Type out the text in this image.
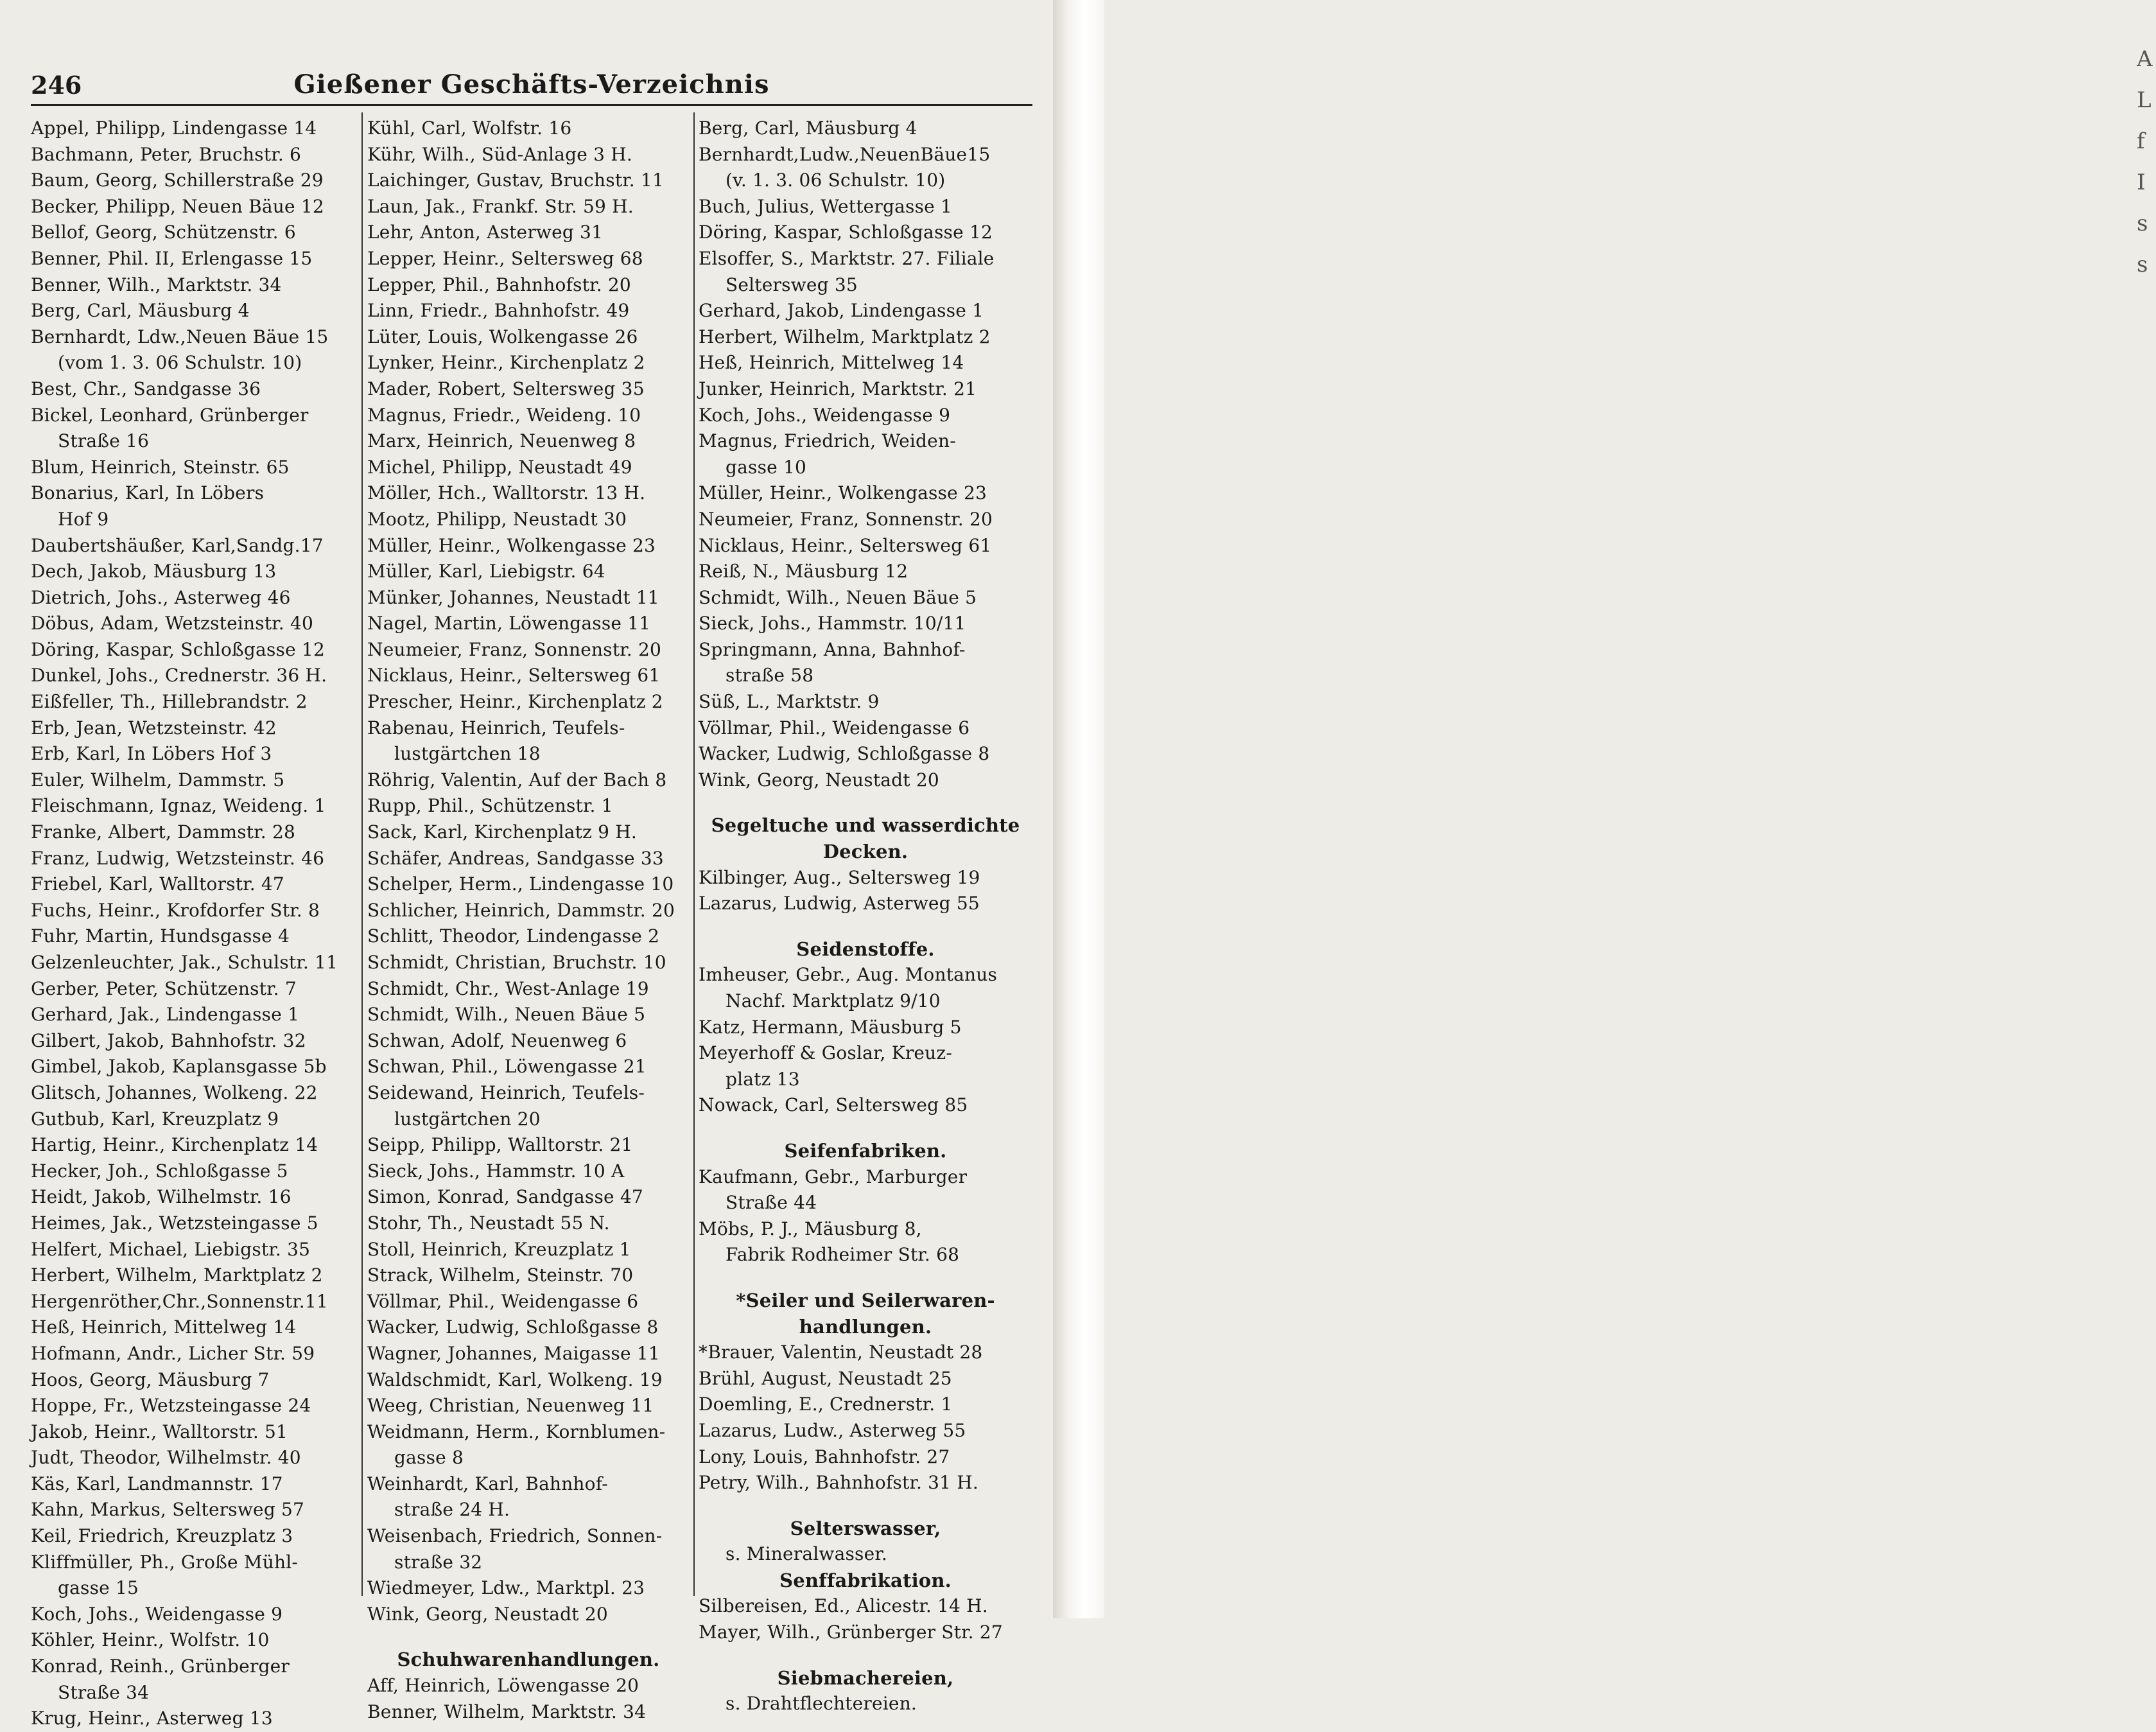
A
L
f
I
s
s
Gießener Geschäfts-Verzeichnis
246
Appel, Philipp, Lindengasse 14
Bachmann, Peter, Bruchstr. 6
Baum, Georg, Schillerstraße 29
Becker, Philipp, Neuen Bäue 12
Bellof, Georg, Schützenstr. 6
Benner, Phil. II, Erlengasse 15
Benner, Wilh., Marktstr. 34
Berg, Carl, Mäusburg 4
Bernhardt, Ldw.,Neuen Bäue 15
(vom 1. 3. 06 Schulstr. 10)
Best, Chr., Sandgasse 36
Bickel, Leonhard, Grünberger
Straße 16
Blum, Heinrich, Steinstr. 65
Bonarius, Karl, In Löbers
Hof 9
Daubertshäußer, Karl,Sandg.17
Dech, Jakob, Mäusburg 13
Dietrich, Johs., Asterweg 46
Döbus, Adam, Wetzsteinstr. 40
Döring, Kaspar, Schloßgasse 12
Dunkel, Johs., Crednerstr. 36 H.
Eißfeller, Th., Hillebrandstr. 2
Erb, Jean, Wetzsteinstr. 42
Erb, Karl, In Löbers Hof 3
Euler, Wilhelm, Dammstr. 5
Fleischmann, Ignaz, Weideng. 1
Franke, Albert, Dammstr. 28
Franz, Ludwig, Wetzsteinstr. 46
Friebel, Karl, Walltorstr. 47
Fuchs, Heinr., Krofdorfer Str. 8
Fuhr, Martin, Hundsgasse 4
Gelzenleuchter, Jak., Schulstr. 11
Gerber, Peter, Schützenstr. 7
Gerhard, Jak., Lindengasse 1
Gilbert, Jakob, Bahnhofstr. 32
Gimbel, Jakob, Kaplansgasse 5b
Glitsch, Johannes, Wolkeng. 22
Gutbub, Karl, Kreuzplatz 9
Hartig, Heinr., Kirchenplatz 14
Hecker, Joh., Schloßgasse 5
Heidt, Jakob, Wilhelmstr. 16
Heimes, Jak., Wetzsteingasse 5
Helfert, Michael, Liebigstr. 35
Herbert, Wilhelm, Marktplatz 2
Hergenröther,Chr.,Sonnenstr.11
Heß, Heinrich, Mittelweg 14
Hofmann, Andr., Licher Str. 59
Hoos, Georg, Mäusburg 7
Hoppe, Fr., Wetzsteingasse 24
Jakob, Heinr., Walltorstr. 51
Judt, Theodor, Wilhelmstr. 40
Käs, Karl, Landmannstr. 17
Kahn, Markus, Seltersweg 57
Keil, Friedrich, Kreuzplatz 3
Kliffmüller, Ph., Große Mühl-
gasse 15
Koch, Johs., Weidengasse 9
Köhler, Heinr., Wolfstr. 10
Konrad, Reinh., Grünberger
Straße 34
Krug, Heinr., Asterweg 13
Kühl, Carl, Wolfstr. 16
Kühr, Wilh., Süd-Anlage 3 H.
Laichinger, Gustav, Bruchstr. 11
Laun, Jak., Frankf. Str. 59 H.
Lehr, Anton, Asterweg 31
Lepper, Heinr., Seltersweg 68
Lepper, Phil., Bahnhofstr. 20
Linn, Friedr., Bahnhofstr. 49
Lüter, Louis, Wolkengasse 26
Lynker, Heinr., Kirchenplatz 2
Mader, Robert, Seltersweg 35
Magnus, Friedr., Weideng. 10
Marx, Heinrich, Neuenweg 8
Michel, Philipp, Neustadt 49
Möller, Hch., Walltorstr. 13 H.
Mootz, Philipp, Neustadt 30
Müller, Heinr., Wolkengasse 23
Müller, Karl, Liebigstr. 64
Münker, Johannes, Neustadt 11
Nagel, Martin, Löwengasse 11
Neumeier, Franz, Sonnenstr. 20
Nicklaus, Heinr., Seltersweg 61
Prescher, Heinr., Kirchenplatz 2
Rabenau, Heinrich, Teufels-
lustgärtchen 18
Röhrig, Valentin, Auf der Bach 8
Rupp, Phil., Schützenstr. 1
Sack, Karl, Kirchenplatz 9 H.
Schäfer, Andreas, Sandgasse 33
Schelper, Herm., Lindengasse 10
Schlicher, Heinrich, Dammstr. 20
Schlitt, Theodor, Lindengasse 2
Schmidt, Christian, Bruchstr. 10
Schmidt, Chr., West-Anlage 19
Schmidt, Wilh., Neuen Bäue 5
Schwan, Adolf, Neuenweg 6
Schwan, Phil., Löwengasse 21
Seidewand, Heinrich, Teufels-
lustgärtchen 20
Seipp, Philipp, Walltorstr. 21
Sieck, Johs., Hammstr. 10 A
Simon, Konrad, Sandgasse 47
Stohr, Th., Neustadt 55 N.
Stoll, Heinrich, Kreuzplatz 1
Strack, Wilhelm, Steinstr. 70
Völlmar, Phil., Weidengasse 6
Wacker, Ludwig, Schloßgasse 8
Wagner, Johannes, Maigasse 11
Waldschmidt, Karl, Wolkeng. 19
Weeg, Christian, Neuenweg 11
Weidmann, Herm., Kornblumen-
gasse 8
Weinhardt, Karl, Bahnhof-
straße 24 H.
Weisenbach, Friedrich, Sonnen-
straße 32
Wiedmeyer, Ldw., Marktpl. 23
Wink, Georg, Neustadt 20
Schuhwarenhandlungen.
Aff, Heinrich, Löwengasse 20
Benner, Wilhelm, Marktstr. 34
Berg, Carl, Mäusburg 4
Bernhardt,Ludw.,NeuenBäue15
(v. 1. 3. 06 Schulstr. 10)
Buch, Julius, Wettergasse 1
Döring, Kaspar, Schloßgasse 12
Elsoffer, S., Marktstr. 27. Filiale
Seltersweg 35
Gerhard, Jakob, Lindengasse 1
Herbert, Wilhelm, Marktplatz 2
Heß, Heinrich, Mittelweg 14
Junker, Heinrich, Marktstr. 21
Koch, Johs., Weidengasse 9
Magnus, Friedrich, Weiden-
gasse 10
Müller, Heinr., Wolkengasse 23
Neumeier, Franz, Sonnenstr. 20
Nicklaus, Heinr., Seltersweg 61
Reiß, N., Mäusburg 12
Schmidt, Wilh., Neuen Bäue 5
Sieck, Johs., Hammstr. 10/11
Springmann, Anna, Bahnhof-
straße 58
Süß, L., Marktstr. 9
Völlmar, Phil., Weidengasse 6
Wacker, Ludwig, Schloßgasse 8
Wink, Georg, Neustadt 20
Segeltuche und wasserdichte
Decken.
Kilbinger, Aug., Seltersweg 19
Lazarus, Ludwig, Asterweg 55
Seidenstoffe.
Imheuser, Gebr., Aug. Montanus
Nachf. Marktplatz 9/10
Katz, Hermann, Mäusburg 5
Meyerhoff & Goslar, Kreuz-
platz 13
Nowack, Carl, Seltersweg 85
Seifenfabriken.
Kaufmann, Gebr., Marburger
Straße 44
Möbs, P. J., Mäusburg 8,
Fabrik Rodheimer Str. 68
*Seiler und Seilerwaren-
handlungen.
*Brauer, Valentin, Neustadt 28
Brühl, August, Neustadt 25
Doemling, E., Crednerstr. 1
Lazarus, Ludw., Asterweg 55
Lony, Louis, Bahnhofstr. 27
Petry, Wilh., Bahnhofstr. 31 H.
Selterswasser,
s. Mineralwasser.
Senffabrikation.
Silbereisen, Ed., Alicestr. 14 H.
Mayer, Wilh., Grünberger Str. 27
Siebmachereien,
s. Drahtflechtereien.
